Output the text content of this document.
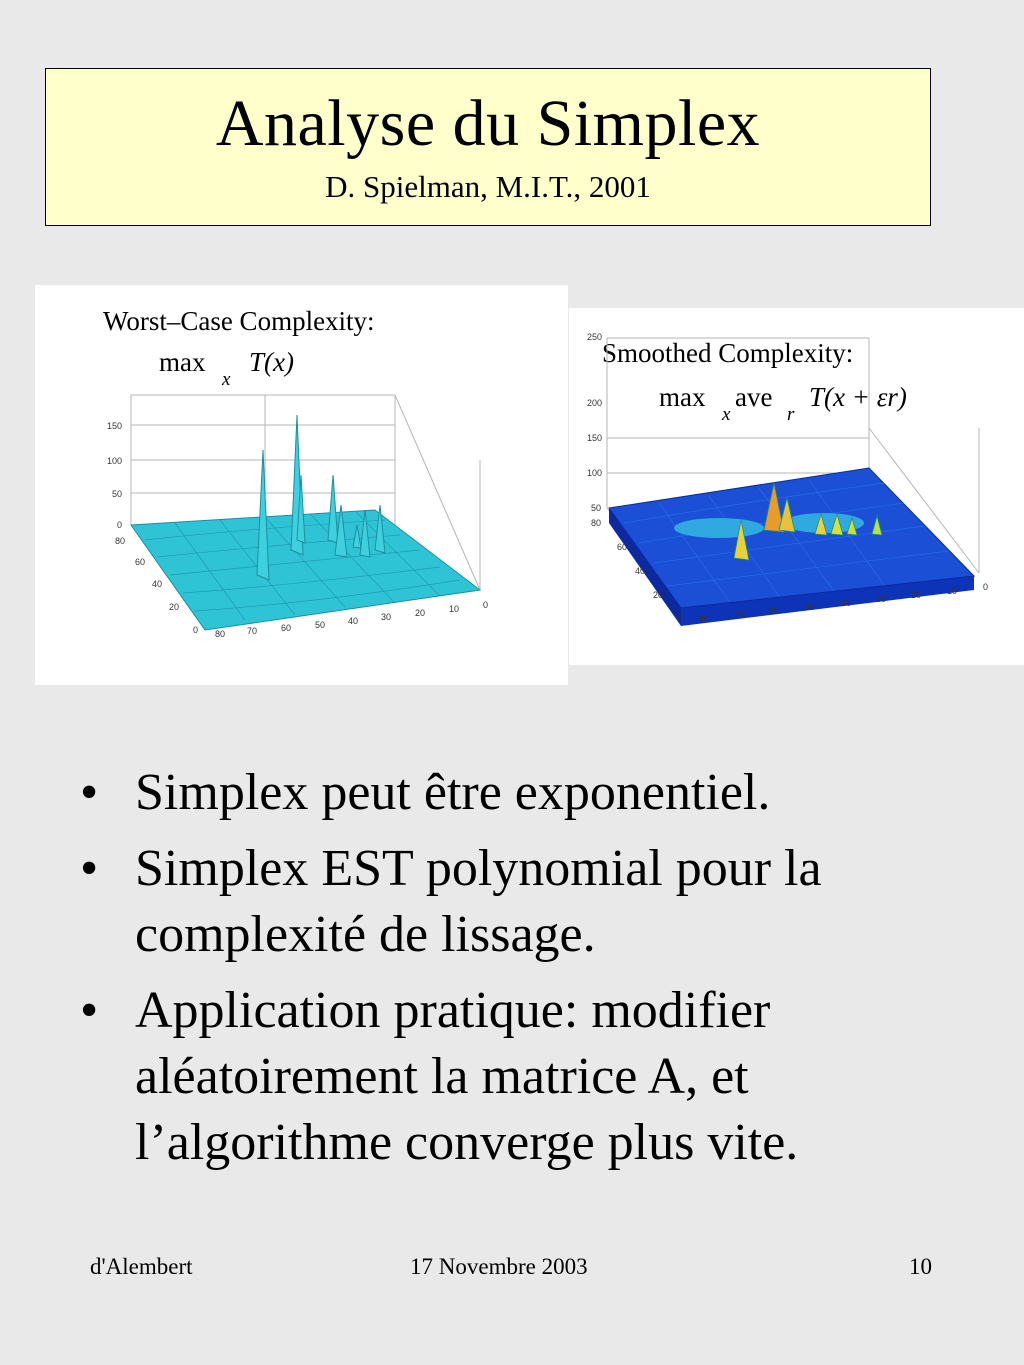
Analyse du Simplex
D. Spielman, M.I.T., 2001
Worst–Case Complexity:
max
x
T(x)
0
50
100
150
0
20
40
60
80
80 70	60	50	40	30	20	10	0
Smoothed Complexity:
max
x
ave
r
T(x + εr)
50
100
150
200
250
0
20
40
60
80
80	70	60	50	40	30	20	10	0
• Simplex peut être exponentiel.
• Simplex EST polynomial pour la complexité de lissage.
• Application pratique: modifier aléatoirement la matrice A, et l’algorithme converge plus vite.
d'Alembert	17 Novembre 2003	10
